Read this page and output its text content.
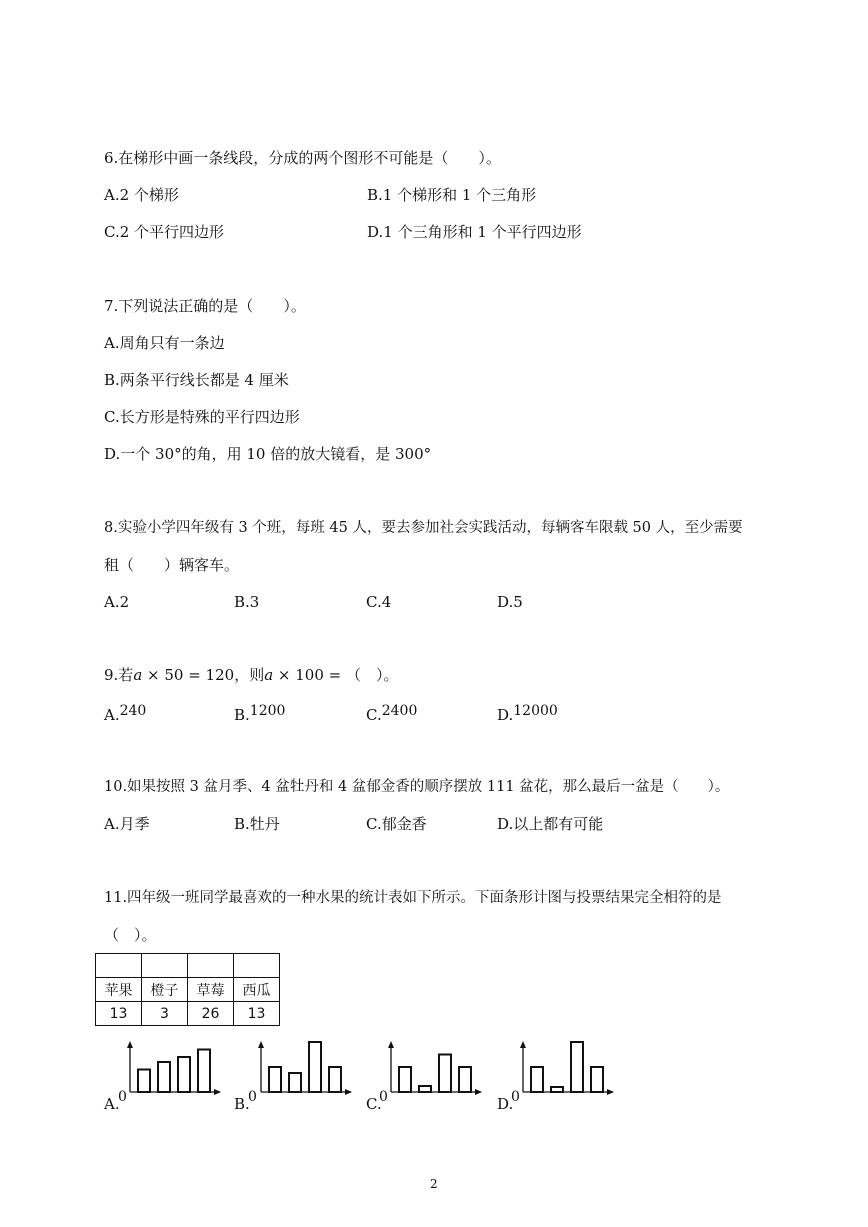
6.在梯形中画一条线段，分成的两个图形不可能是（　　）。
A.2 个梯形	B.1 个梯形和 1 个三角形
C.2 个平行四边形	D.1 个三角形和 1 个平行四边形
7.下列说法正确的是（　　）。
A.周角只有一条边
B.两条平行线长都是 4 厘米
C.长方形是特殊的平行四边形
D.一个 30°的角，用 10 倍的放大镜看，是 300°
8.实验小学四年级有 3 个班，每班 45 人，要去参加社会实践活动，每辆客车限载 50 人，至少需要
租（　　）辆客车。
A.2	B.3	C.4	D.5
9.若a × 50 = 120，则a × 100 = （　）。
A.240	B.1200	C.2400	D.12000
10.如果按照 3 盆月季、4 盆牡丹和 4 盆郁金香的顺序摆放 111 盆花，那么最后一盆是（　　）。
A.月季	B.牡丹	C.郁金香	D.以上都有可能
11.四年级一班同学最喜欢的一种水果的统计表如下所示。下面条形计图与投票结果完全相符的是
（　）。

苹果	橙子	草莓	西瓜
13	3	26	13
A.
0	B.
0	C.
0	D.
0
2
